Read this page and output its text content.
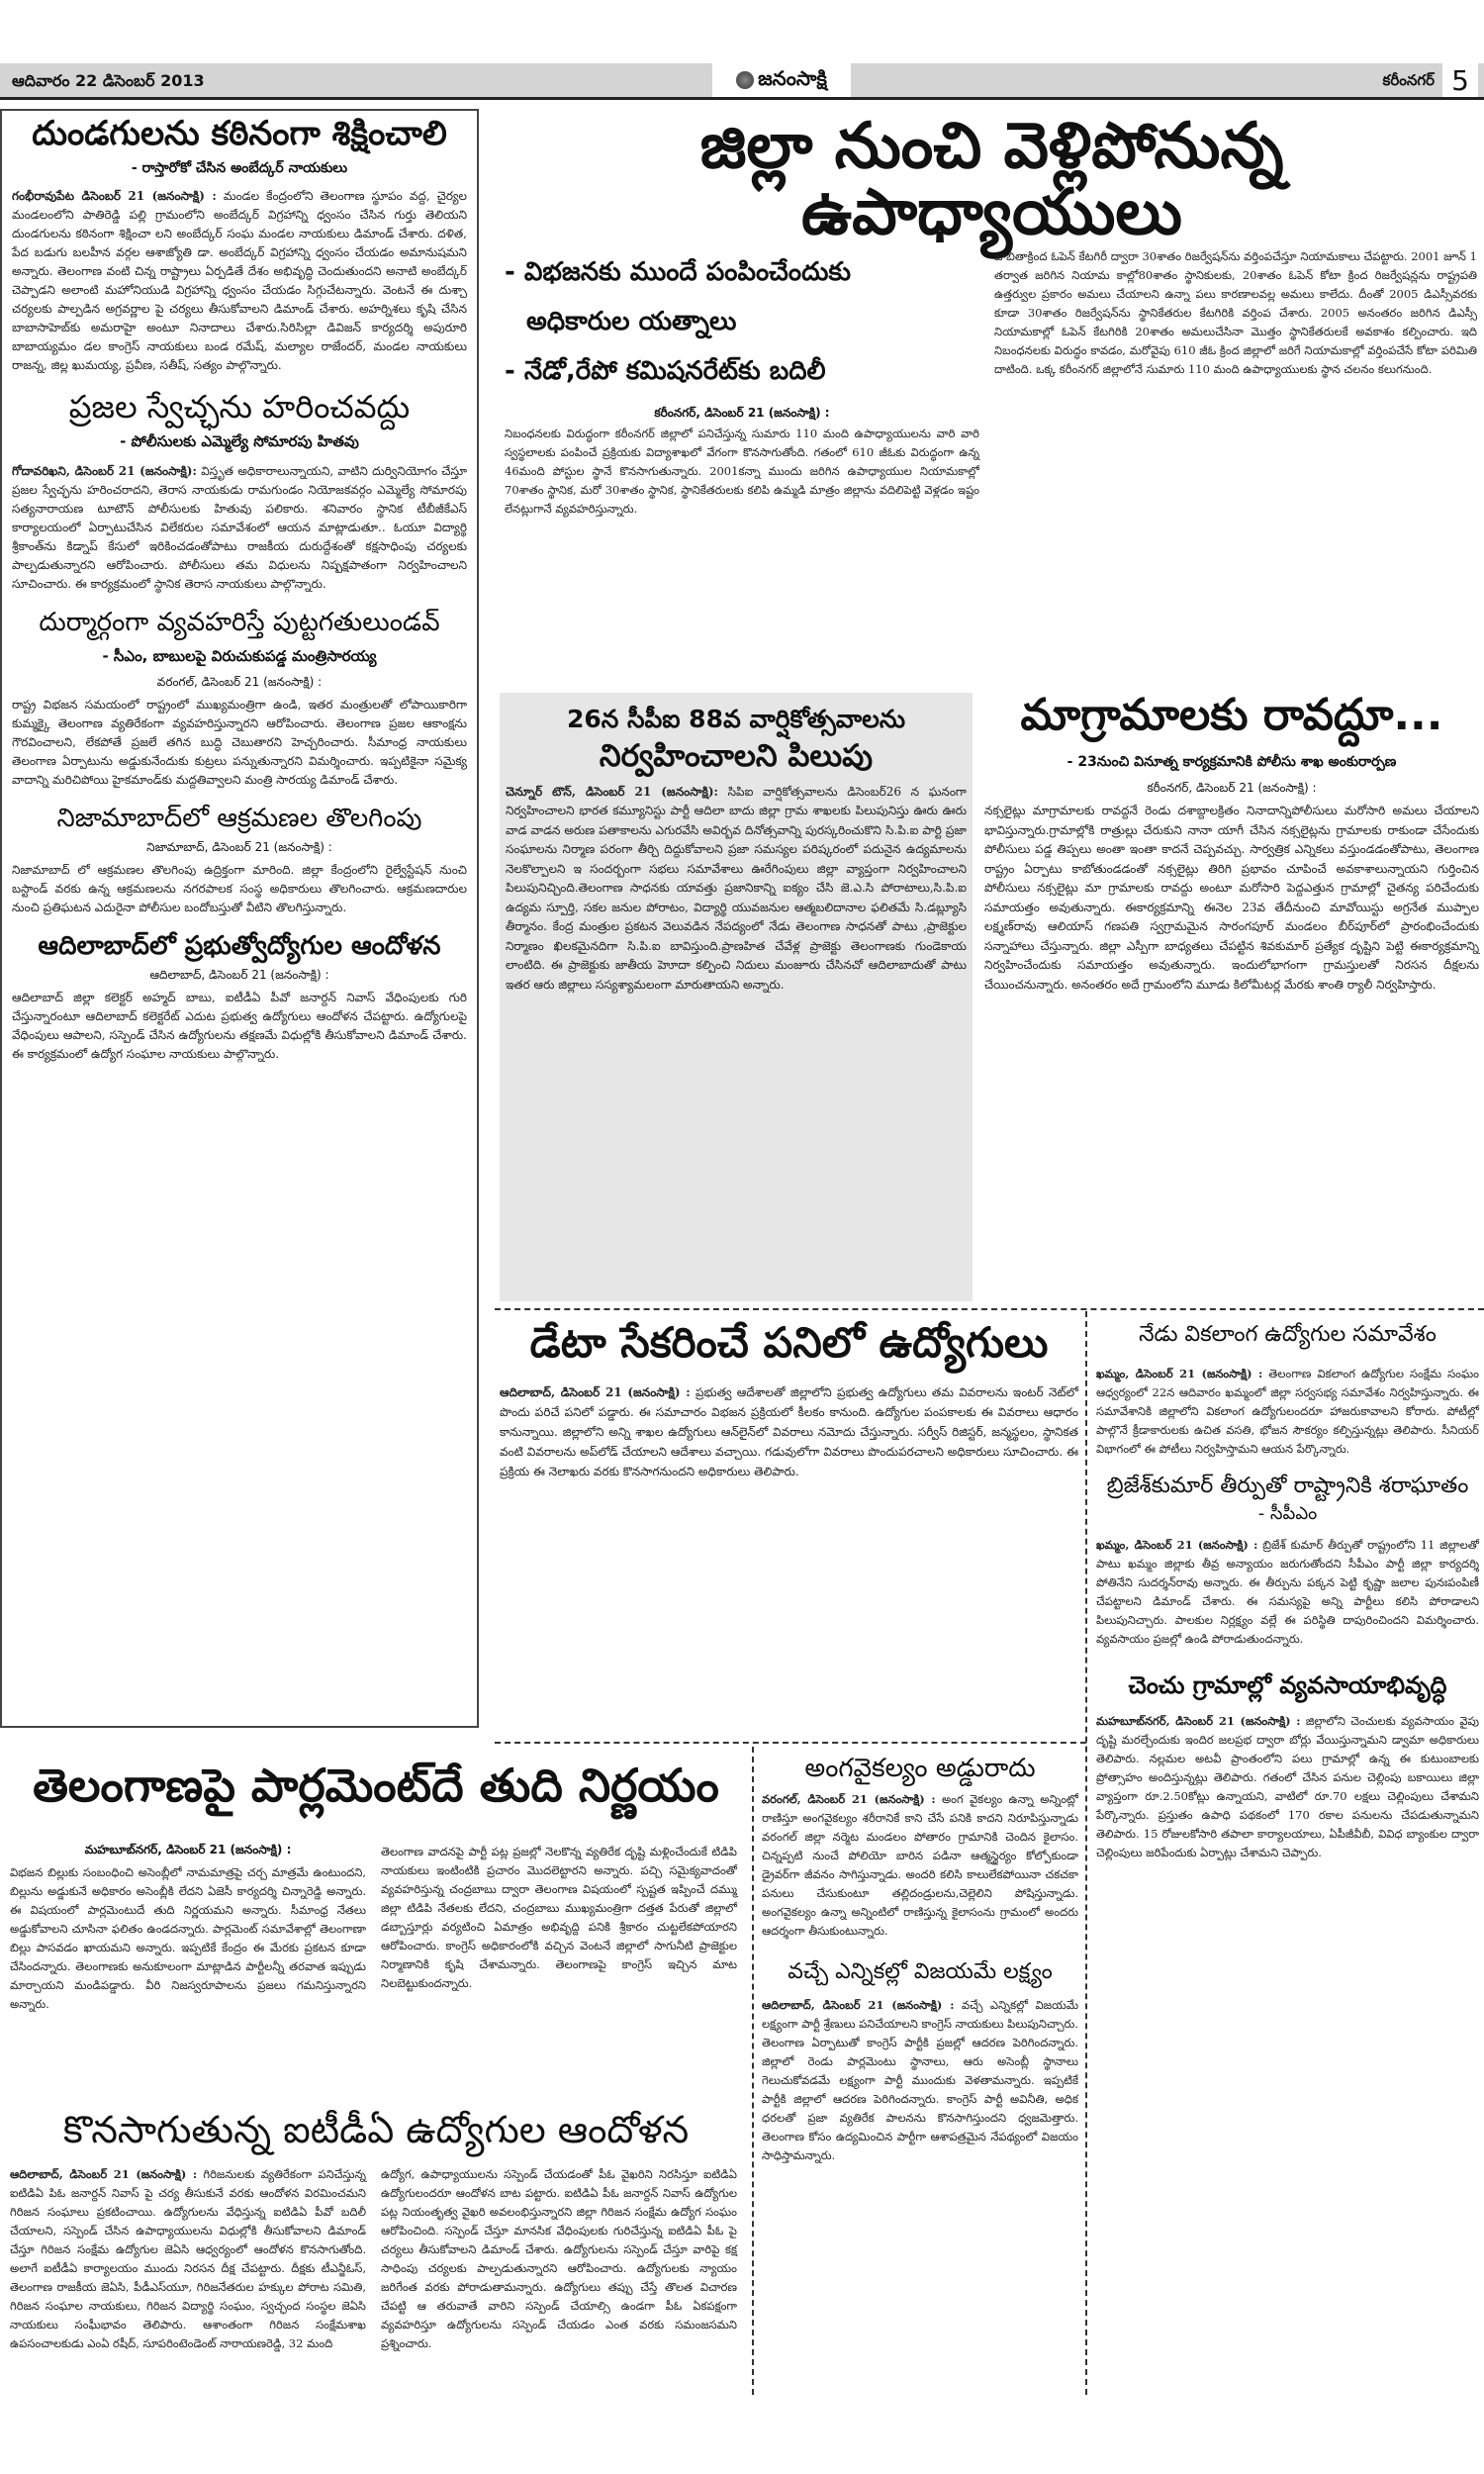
ఆదివారం 22 డిసెంబర్ 2013	జనంసాక్షి	కరీంనగర్ 5
దుండగులను కఠినంగా శిక్షించాలి
- రాస్తారోకో చేసిన అంబేద్కర్ నాయకులు
గంభీరావుపేట డిసెంబర్ 21 (జనంసాక్షి) : మండల కేంద్రంలోని తెలంగాణ స్థూపం వద్ద, చైర్యల మండలంలోని పాతిరెడ్డి పల్లి గ్రామంలోని అంబేద్కర్ విగ్రహాన్ని ధ్వంసం చేసిన గుర్తు తెలియని దుండగులను కఠినంగా శిక్షించా లని అంబేద్కర్ సంఘ మండల నాయకులు డిమాండ్ చేశారు. దళిత, పేద బడుగు బలహీన వర్గల ఆశాజ్యోతి డా. అంబేద్కర్ విగ్రహాన్ని ధ్వంసం చేయడం అమానుషమని అన్నారు. తెలంగాణ వంటి చిన్న రాష్ట్రాలు ఏర్పడితే దేశం అభివృద్ధి చెందుతుందని అనాటి అంబేద్కర్ చెప్పాడని అలాంటి మహోనియుడి విగ్రహాన్ని ధ్వంసం చేయడం సిగ్గుచేటన్నారు. వెంటనే ఈ దుశ్చా చర్యలకు పాల్పడిన అగ్రవర్ణాల పై చర్యలు తీసుకోవాలని డిమాండ్ చేశారు. అహర్నిశలు కృషి చేసిన బాబాసాహెబ్‌కు అమరాహై అంటూ నినాదాలు చేశారు.సిరిసిల్లా డివిజన్ కార్యదర్శి అపురూరి బాబాయ్యమం డల కాంగ్రెస్ నాయకులు బండ రమేష్, మల్యాల రాజేందర్, మండల నాయకులు రాజన్న, జిల్ల ఖుమయ్య, ప్రవీణ, సతీష్, సత్యం పాల్గొన్నారు.
ప్రజల స్వేచ్ఛను హరించవద్దు
- పోలీసులకు ఎమ్మెల్యే సోమారపు హితవు
గోదావరిఖని, డిసెంబర్ 21 (జనంసాక్షి): విస్తృత అధికారాలున్నాయని, వాటిని దుర్వినియోగం చేస్తూ ప్రజల స్వేచ్ఛను హరించరాదని, తెరాస నాయకుడు రామగుండం నియోజకవర్గం ఎమ్మెల్యే సోమారపు సత్యనారాయణ టూటౌన్ పోలీసులకు హితువు పలికారు. శనివారం స్థానిక టీబీజీకేఎస్ కార్యాలయంలో ఏర్పాటుచేసిన విలేకరుల సమావేశంలో ఆయన మాట్లాడుతూ.. ఓయూ విద్యార్థి శ్రీకాంత్‌ను కిడ్నాప్ కేసులో ఇరికించడంతోపాటు రాజకీయ దురుద్దేశంతో కక్షసాధింపు చర్యలకు పాల్పడుతున్నారని ఆరోపించారు. పోలీసులు తమ విధులను నిష్పక్షపాతంగా నిర్వహించాలని సూచించారు. ఈ కార్యక్రమంలో స్థానిక తెరాస నాయకులు పాల్గొన్నారు.
దుర్మార్గంగా వ్యవహరిస్తే పుట్టగతులుండవ్
- సీఎం, బాబులపై విరుచుకుపడ్డ మంత్రిసారయ్య
వరంగల్, డిసెంబర్ 21 (జనంసాక్షి) :
రాష్ట్ర విభజన సమయంలో రాష్ట్రంలో ముఖ్యమంత్రిగా ఉండి, ఇతర మంత్రులతో లోపాయికారిగా కుమ్మక్కై తెలంగాణ వ్యతిరేకంగా వ్యవహరిస్తున్నారని ఆరోపించారు. తెలంగాణ ప్రజల ఆకాంక్షను గౌరవించాలని, లేకపోతే ప్రజలే తగిన బుద్ధి చెబుతారని హెచ్చరించారు. సీమాంధ్ర నాయకులు తెలంగాణ ఏర్పాటును అడ్డుకునేందుకు కుట్రలు పన్నుతున్నారని విమర్శించారు. ఇప్పటికైనా సమైక్య వాదాన్ని మరిచిపోయి హైకమాండ్‌కు మద్దతివ్వాలని మంత్రి సారయ్య డిమాండ్ చేశారు.
నిజామాబాద్‌లో ఆక్రమణల తొలగింపు
నిజామాబాద్, డిసెంబర్ 21 (జనంసాక్షి) :
నిజామాబాద్ లో ఆక్రమణల తొలగింపు ఉద్రిక్తంగా మారింది. జిల్లా కేంద్రంలోని రైల్వేస్టేషన్ నుంచి బస్టాండ్ వరకు ఉన్న ఆక్రమణలను నగరపాలక సంస్థ అధికారులు తొలగించారు. ఆక్రమణదారుల నుంచి ప్రతిఘటన ఎదురైనా పోలీసుల బందోబస్తుతో వీటిని తొలగిస్తున్నారు.
ఆదిలాబాద్‌లో ప్రభుత్వోద్యోగుల ఆందోళన
ఆదిలాబాద్, డిసెంబర్ 21 (జనంసాక్షి) :
ఆదిలాబాద్ జిల్లా కలెక్టర్ అహ్మద్ బాబు, ఐటీడీఏ పీవో జనార్దన్ నివాస్ వేధింపులకు గురి చేస్తున్నారంటూ ఆదిలాబాద్ కలెక్టరేట్ ఎదుట ప్రభుత్వ ఉద్యోగులు ఆందోళన చేపట్టారు. ఉద్యోగులపై వేధింపులు ఆపాలని, సస్పెండ్ చేసిన ఉద్యోగులను తక్షణమే విధుల్లోకి తీసుకోవాలని డిమాండ్ చేశారు. ఈ కార్యక్రమంలో ఉద్యోగ సంఘాల నాయకులు పాల్గొన్నారు.
జిల్లా నుంచి వెళ్లిపోనున్న ఉపాధ్యాయులు
- విభజనకు ముందే పంపించేందుకు
అధికారుల యత్నాలు
- నేడో,రేపో కమిషనరేట్‌కు బదిలీ
కరీంనగర్, డిసెంబర్ 21 (జనంసాక్షి) :
నిబంధనలకు విరుద్ధంగా కరీంనగర్ జిల్లాలో పనిచేస్తున్న సుమారు 110 మంది ఉపాధ్యాయులను వారి వారి స్వస్థలాలకు పంపించే ప్రక్రియకు విద్యాశాఖలో వేగంగా కొనసాగుతోంది. గతంలో 610 జీఓకు విరుద్ధంగా ఉన్న 46మంది పోస్టుల స్థానే కొనసాగుతున్నారు. 2001కన్నా ముందు జరిగిన ఉపాధ్యాయుల నియామకాల్లో 70శాతం స్థానిక, మరో 30శాతం స్థానిక, స్థానికేతరులకు కలిపి ఉమ్మడి మాత్రం జిల్లాను వదిలిపెట్టి వెళ్లడం ఇష్టం లేనట్లుగానే వ్యవహరిస్తున్నారు.
జాబితాక్రింద ఓపెన్ కేటగిరీ ద్వారా 30శాతం రిజర్వేషన్‌ను వర్తింపచేస్తూ నియామకాలు చేపట్టారు. 2001 జూన్ 1 తర్వాత జరిగిన నియామ కాల్లో80శాతం స్థానికులకు, 20శాతం ఓపెన్ కోటా క్రింద రిజర్వేషన్లను రాష్ట్రపతి ఉత్తర్వుల ప్రకారం అమలు చేయాలని ఉన్నా పలు కారణాలవల్ల అమలు కాలేదు. దీంతో 2005 డిఎస్సీవరకు కూడా 30శాతం రిజర్వేషన్‌ను స్థానికేతరుల కేటగిరికి వర్తింప చేశారు. 2005 అనంతరం జరిగిన డిఎస్సీ నియామకాల్లో ఓపెన్ కేటగిరికి 20శాతం అమలుచేసినా మొత్తం స్థానికేతరులకే అవకాశం కల్పించారు. ఇది నిబంధనలకు విరుద్ధం కావడం, మరోవైపు 610 జీఓ క్రింద జిల్లాలో జరిగే నియామకాల్లో వర్తింపచేసే కోటా పరిమితి దాటింది. ఒక్క కరీంనగర్ జిల్లాలోనే సుమారు 110 మంది ఉపాధ్యాయులకు స్థాన చలనం కలుగనుంది.
26న సీపీఐ 88వ వార్షికోత్సవాలను
నిర్వహించాలని పిలుపు
చెన్నూర్ టౌన్, డిసెంబర్ 21 (జనంసాక్షి): సిపిఐ వార్షికోత్సవాలను డిసెంబర్26 న ఘనంగా నిర్వహించాలని భారత కమ్యూనిస్టు పార్టీ ఆదిలా బాదు జిల్లా గ్రామ శాఖలకు పిలుపునిస్తు ఊరు ఊరు వాడ వాడన అరుణ పతాకాలను ఎగురవేసి అవిర్బవ దినోత్సవాన్ని పురస్కరించుకొని సి.పి.ఐ పార్టి ప్రజా సంఘాలను నిర్మాణ పరంగా తీర్చి దిద్దుకోవాలని ప్రజా సమస్యల పరిష్కరంలో పదునైన ఉద్యమాలను నెలకొల్పాలని ఇ సందర్బంగా సభలు సమావేశాలు ఊరేగింపులు జిల్లా వ్యాప్తంగా నిర్వహించాలని పిలుపునిచ్చింది.తెలంగాణ సాధనకు యావత్తు ప్రజానికాన్ని ఐక్యం చేసి జె.ఎ.సి పోరాటాలు,సి.పి.ఐ ఉద్యమ స్పూర్తి, సకల జనుల పోరాటం, విద్యార్థి యువజనుల ఆత్మబలిదానాల ఫలితమే సి.డబ్ల్యూసి తీర్మానం. కేంద్ర మంత్రుల ప్రకటన వెలువడిన నేపద్యంలో నేడు తెలంగాణ సాధనతో పాటు ,ప్రాజెక్టుల నిర్మాణం ఖిలకమైనదిగా సి.పి.ఐ బావిస్తుంది.ప్రాణహిత చేవేళ్ల ప్రాజెక్టు తెలంగాణకు గుండెకాయ లాంటిది. ఈ ప్రాజెక్టుకు జాతీయ హెూదా కల్పించి నిదులు మంజూరు చేసినచో ఆదిలాబాదుతో పాటు ఇతర ఆరు జిల్లాలు సస్యశ్యామలంగా మారుతాయని అన్నారు.
మాగ్రామాలకు రావద్దూ...
- 23నుంచి వినూత్న కార్యక్రమానికి పోలీసు శాఖ అంకురార్పణ
కరీంనగర్, డిసెంబర్ 21 (జనంసాక్షి) :
నక్సలైట్లు మాగ్రామాలకు రావద్దనే రెండు దశాబ్దాలక్రితం నినాదాన్నిపోలీసులు మరోసారి అమలు చేయాలని భావిస్తున్నారు.గ్రామాల్లోకి రాత్రుల్లు చేరుకుని నానా యాగీ చేసిన నక్సలైట్లను గ్రామాలకు రాకుండా చేసేందుకు పోలీసులు పడ్డ తిప్పలు అంతా ఇంతా కాదనే చెప్పవచ్చు. సార్వత్రిక ఎన్నికలు వస్తుండడంతోపాటు, తెలంగాణ రాష్ట్రం ఏర్పాటు కాబోతుండడంతో నక్సలైట్లు తిరిగి ప్రభావం చూపించే అవకాశాలున్నాయని గుర్తించిన పోలీసులు నక్సలైట్లు మా గ్రామాలకు రావద్దు అంటూ మరోసారి పెద్దఎత్తున గ్రామాల్లో చైతన్య పరిచేందుకు సమాయత్తం అవుతున్నారు. ఈకార్యక్రమాన్ని ఈనెల 23వ తేదీనుంచి మావోయిస్టు అగ్రనేత ముప్పాల లక్ష్మణ్‌రావు ఆలియాస్ గణపతి స్వగ్రామమైన సారంగపూర్ మండలం బీర్‌పూర్‌లో ప్రారంభించేందుకు సన్నాహాలు చేస్తున్నారు. జిల్లా ఎస్పీగా బాధ్యతలు చేపట్టిన శివకుమార్ ప్రత్యేక దృష్టిని పెట్టి ఈకార్యక్రమాన్ని నిర్వహించేందుకు సమాయత్తం అవుతున్నారు. ఇందులోభాగంగా గ్రామస్తులతో నిరసన దీక్షలను చేయించనున్నారు. అనంతరం అదే గ్రామంలోని మూడు కిలోమీటర్ల మేరకు శాంతి ర్యాలీ నిర్వహిస్తారు.
డేటా సేకరించే పనిలో ఉద్యోగులు
ఆదిలాబాద్, డిసెంబర్ 21 (జనంసాక్షి) : ప్రభుత్వ ఆదేశాలతో జిల్లాలోని ప్రభుత్వ ఉద్యోగులు తమ వివరాలను ఇంటర్ నెట్‌లో పొందు పరిచే పనిలో పడ్డారు. ఈ సమాచారం విభజన ప్రక్రియలో కీలకం కానుంది. ఉద్యోగుల పంపకాలకు ఈ వివరాలు ఆధారం కానున్నాయి. జిల్లాలోని అన్ని శాఖల ఉద్యోగులు ఆన్‌లైన్‌లో వివరాలు నమోదు చేస్తున్నారు. సర్వీస్ రిజిస్టర్, జన్మస్థలం, స్థానికత వంటి వివరాలను అప్‌లోడ్ చేయాలని ఆదేశాలు వచ్చాయి. గడువులోగా వివరాలు పొందుపరచాలని అధికారులు సూచించారు. ఈ ప్రక్రియ ఈ నెలాఖరు వరకు కొనసాగనుందని అధికారులు తెలిపారు.
నేడు వికలాంగ ఉద్యోగుల సమావేశం
ఖమ్మం, డిసెంబర్ 21 (జనంసాక్షి) : తెలంగాణ వికలాంగ ఉద్యోగుల సంక్షేమ సంఘం ఆధ్వర్యంలో 22న ఆదివారం ఖమ్మంలో జిల్లా సర్వసభ్య సమావేశం నిర్వహిస్తున్నారు. ఈ సమావేశానికి జిల్లాలోని వికలాంగ ఉద్యోగులందరూ హాజరుకావాలని కోరారు. పోటీల్లో పాల్గొనే క్రీడాకారులకు ఉచిత వసతి, భోజన సౌకర్యం కల్పిస్తున్నట్లు తెలిపారు. సీనియర్ విభాగంలో ఈ పోటీలు నిర్వహిస్తామని ఆయన పేర్కొన్నారు.
బ్రిజేశ్‌కుమార్ తీర్పుతో రాష్ట్రానికి శరాఘాతం
- సీపీఎం
ఖమ్మం, డిసెంబర్ 21 (జనంసాక్షి) : బ్రిజేశ్ కుమార్ తీర్పుతో రాష్ట్రంలోని 11 జిల్లాలతో పాటు ఖమ్మం జిల్లాకు తీవ్ర అన్యాయం జరుగుతోందని సీపీఎం పార్టీ జిల్లా కార్యదర్శి పోతినేని సుదర్శన్‌రావు అన్నారు. ఈ తీర్పును పక్కన పెట్టి కృష్ణా జలాల పునఃపంపిణీ చేపట్టాలని డిమాండ్ చేశారు. ఈ సమస్యపై అన్ని పార్టీలు కలిసి పోరాడాలని పిలుపునిచ్చారు. పాలకుల నిర్లక్ష్యం వల్లే ఈ పరిస్థితి దాపురించిందని విమర్శించారు. వ్యవసాయం ప్రజల్లో ఉండి పోరాడుతుందన్నారు.
చెంచు గ్రామాల్లో వ్యవసాయాభివృద్ధి
మహబూబ్‌నగర్, డిసెంబర్ 21 (జనంసాక్షి) : జిల్లాలోని చెంచులకు వ్యవసాయం వైపు దృష్టి మరల్చేందుకు ఇందిర జలప్రభ ద్వారా బోర్లు వేయిస్తున్నామని డ్వామా అధికారులు తెలిపారు. నల్లమల అటవీ ప్రాంతంలోని పలు గ్రామాల్లో ఉన్న ఈ కుటుంబాలకు ప్రోత్సాహం అందిస్తున్నట్లు తెలిపారు. గతంలో చేసిన పనుల చెల్లింపు బకాయిలు జిల్లా వ్యాప్తంగా రూ.2.50కోట్లు ఉన్నాయని, వాటిలో రూ.70 లక్షలు చెల్లింపులు చేశామని పేర్కొన్నారు. ప్రస్తుతం ఉపాధి పథకంలో 170 రకాల పనులను చేపడుతున్నామని తెలిపారు. 15 రోజులకోసారి తపాలా కార్యాలయాలు, ఏపీజీవీబీ, వివిధ బ్యాంకుల ద్వారా చెల్లింపులు జరిపేందుకు ఏర్పాట్లు చేశామని చెప్పారు.
తెలంగాణపై పార్లమెంట్‌దే తుది నిర్ణయం
మహబూబ్‌నగర్, డిసెంబర్ 21 (జనంసాక్షి) :
విభజన బిల్లుకు సంబంధించి అసెంబ్లీలో నామమాత్రపై చర్చ మాత్రమే ఉంటుందని, బిల్లును అడ్డుకునే అధికారం అసెంబ్లీకి లేదని ఏజెసీ కార్యదర్శి చిన్నారెడ్డి అన్నారు. ఈ విషయంలో పార్లమెంటుదే తుది నిర్ణయమని అన్నారు. సీమాంధ్ర నేతలు అడ్డుకోవాలని చూసినా ఫలితం ఉండదన్నారు. పార్లమెంట్ సమావేశాల్లో తెలంగాణా బిల్లు పాసవడం ఖాయమని అన్నారు. ఇప్పటికే కేంద్రం ఈ మేరకు ప్రకటన కూడా చేసిందన్నారు. తెలంగాణకు అనుకూలంగా మాట్లాడిన పార్టీలన్నీ తరవాత ఇప్పుడు మార్చాయని మండిపడ్డారు. వీరి నిజస్వరూపాలను ప్రజలు గమనిస్తున్నారని అన్నారు.
తెలంగాణ వాదనపై పార్టీ పట్ల ప్రజల్లో నెలకొన్న వ్యతిరేక దృష్టి మళ్లించేందుకే టిడిపి నాయకులు ఇంటింటికి ప్రచారం మొదలెట్టారని అన్నారు. పచ్చి సమైక్యవాదంతో వ్యవహరిస్తున్న చంద్రబాబు ద్వారా తెలంగాణ విషయంలో స్పష్టత ఇప్పించే దమ్ము జిల్లా టిడిపి నేతలకు లేదని, చంద్రబాబు ముఖ్యమంత్రిగా దత్తత పేరుతో జిల్లాలో డబ్బాస్తూర్లు వర్యటించి ఏమాత్రం అభివృద్ది పనికి శ్రీకారం చుట్టలేకపోయారని ఆరోపించారు. కాంగ్రెస్ అధికారంలోకి వచ్చిన వెంటనే జిల్లాలో సాగునీటి ప్రాజెక్టుల నిర్మాణానికి కృషి చేశామన్నారు. తెలంగాణపై కాంగ్రెస్ ఇచ్చిన మాట నిలబెట్టుకుందన్నారు.
అంగవైకల్యం అడ్డురాదు
వరంగల్, డిసెంబర్ 21 (జనంసాక్షి) : అంగ వైకల్యం ఉన్నా అన్నింట్లో రాణిస్తూ అంగవైకల్యం శరీరానికే కాని చేసే పనికి కాదని నిరూపిస్తున్నాడు వరంగల్ జిల్లా నర్మెట మండలం పోతారం గ్రామానికి చెందిన కైలాసం. చిన్నప్పటి నుంచే పోలియో బారిన పడినా ఆత్మస్థైర్యం కోల్పోకుండా డ్రైవర్‌గా జీవనం సాగిస్తున్నాడు. అందరి కలిసి కాలులేకపోయినా చకచకా పనులు చేసుకుంటూ తల్లిదండ్రులను,చెల్లెలిని పోషిస్తున్నాడు. అంగవైకల్యం ఉన్నా అన్నింటిలో రాణిస్తున్న కైలాసంను గ్రామంలో అందరు ఆదర్శంగా తీసుకుంటున్నారు.
వచ్చే ఎన్నికల్లో విజయమే లక్ష్యం
ఆదిలాబాద్, డిసెంబర్ 21 (జనంసాక్షి) : వచ్చే ఎన్నికల్లో విజయమే లక్ష్యంగా పార్టీ శ్రేణులు పనిచేయాలని కాంగ్రెస్ నాయకులు పిలుపునిచ్చారు. తెలంగాణ ఏర్పాటుతో కాంగ్రెస్ పార్టీకి ప్రజల్లో ఆదరణ పెరిగిందన్నారు. జిల్లాలో రెండు పార్లమెంటు స్థానాలు, ఆరు అసెంబ్లీ స్థానాలు గెలుచుకోవడమే లక్ష్యంగా పార్టీ ముందుకు వెళతామన్నారు. ఇప్పటికే పార్టీకి జిల్లాలో ఆదరణ పెరిగిందన్నారు. కాంగ్రెస్ పార్టీ అవినీతి, అధిక ధరలతో ప్రజా వ్యతిరేక పాలనను కొనసాగిస్తుందని ధ్వజమెత్తారు. తెలంగాణ కోసం ఉద్యమించిన పార్టీగా ఆశాపత్రమైన నేపథ్యంలో విజయం సాధిస్తామన్నారు.
కొనసాగుతున్న ఐటీడీఏ ఉద్యోగుల ఆందోళన
ఆదిలాబాద్, డిసెంబర్ 21 (జనంసాక్షి) : గిరిజనులకు వ్యతిరేకంగా పనిచేస్తున్న ఐటిడిఏ పిఓ జనార్దన్ నివాస్ పై చర్య తీసుకునే వరకు ఆందోళన విరమించమని గిరిజన సంఘాలు ప్రకటించాయి. ఉద్యోగులను వేధిస్తున్న ఐటిడిఏ పీవో బదిలీ చేయాలని, సస్పెండ్ చేసిన ఉపాధ్యాయులను విధుల్లోకి తీసుకోవాలని డిమాండ్ చేస్తూ గిరిజన సంక్షేమ ఉద్యోగుల జెఏసి ఆధ్వర్యంలో ఆందోళన కొనసాగుతోంది. అలాగే ఐటీడీఏ కార్యాలయం ముందు నిరసన దీక్ష చేపట్టారు. దీక్షకు టీఎన్జీఓస్, తెలంగాణ రాజకీయ జెఏసి, పీడీఎస్‌యూ, గిరిజనేతరుల హక్కుల పోరాట సమితి, గిరిజన సంఘాల నాయకులు, గిరిజన విద్యార్థి సంఘం, స్వచ్ఛంద సంస్థల జెఏసి నాయకులు సంఘీభావం తెలిపారు. ఆశాంతంగా గిరిజన సంక్షేమశాఖ ఉపసంచాలకుడు ఎంఏ రషీద్, సూపరింటెండెంట్ నారాయణరెడ్డి, 32 మంది
ఉద్యోగ, ఉపాధ్యాయులను సస్పెండ్ చేయడంతో పీఓ వైఖరిని నిరసిస్తూ ఐటిడిఏ ఉద్యోగులందరూ ఆందోళన బాట పట్టారు. ఐటిడిఏ పీఓ జనార్దన్ నివాస్ ఉద్యోగుల పట్ల నియంతృత్వ వైఖరి అవలంభిస్తున్నారని జిల్లా గిరిజన సంక్షేమ ఉద్యోగ సంఘం ఆరోపించింది. సస్పెండ్ చేస్తూ మానసిక వేధింపులకు గురిచేస్తున్న ఐటిడిఏ పీఓ పై చర్యలు తీసుకోవాలని డిమాండ్ చేశారు. ఉద్యోగులను సస్పెండ్ చేస్తూ వారిపై కక్ష సాధింపు చర్యలకు పాల్పడుతున్నారని ఆరోపించారు. ఉద్యోగులకు న్యాయం జరిగేంత వరకు పోరాడుతామన్నారు. ఉద్యోగులు తప్పు చేస్తే తొలత విచారణ చేపట్టి ఆ తరువాతే వారిని సస్పెండ్ చేయాల్సి ఉండగా పీఓ ఏకపక్షంగా వ్యవహరిస్తూ ఉద్యోగులను సస్పెండ్ చేయడం ఎంత వరకు సమంజసమని ప్రశ్నించారు.
